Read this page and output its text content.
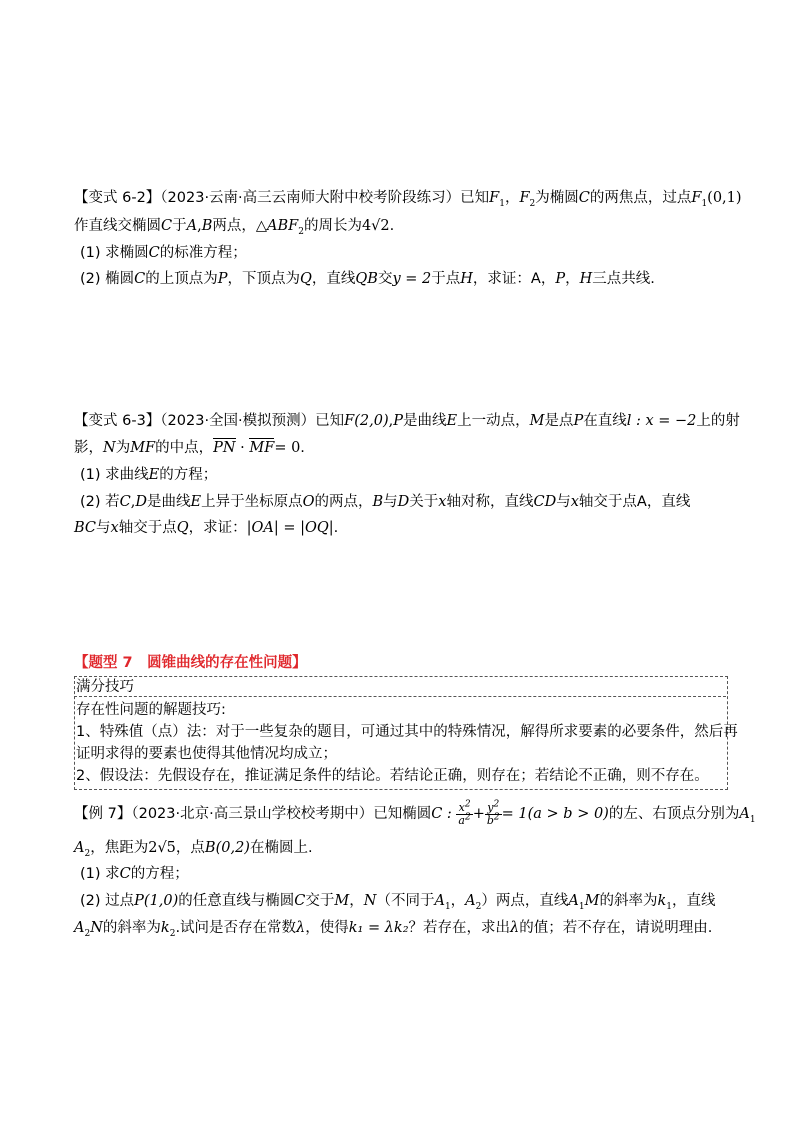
【变式 6-2】（2023·云南·高三云南师大附中校考阶段练习）已知$F_1$，$F_2$为椭圆C的两焦点，过点$F_1(0,1)$
作直线交椭圆C于A,B两点，$\triangle ABF_2$的周长为4√2.
(1) 求椭圆C的标准方程；
(2) 椭圆C的上顶点为P，下顶点为Q，直线QB交y = 2于点H，求证：A，P，H三点共线.
【变式 6-3】（2023·全国·模拟预测）已知F(2,0),P是曲线E上一动点，M是点P在直线l : x = −2上的射
影，N为MF的中点，PN · MF= 0.
(1) 求曲线E的方程；
(2) 若C,D是曲线E上异于坐标原点O的两点，B与D关于x轴对称，直线CD与x轴交于点A，直线
BC与x轴交于点Q，求证：|OA| = |OQ|.
【题型 7　圆锥曲线的存在性问题】
满分技巧
存在性问题的解题技巧:
1、特殊值（点）法：对于一些复杂的题目，可通过其中的特殊情况，解得所求要素的必要条件，然后再
证明求得的要素也使得其他情况均成立；
2、假设法：先假设存在，推证满足条件的结论。若结论正确，则存在；若结论不正确，则不存在。
【例 7】（2023·北京·高三景山学校校考期中）已知椭圆C : $\frac{x^2}{a^2} + \frac{y^2}{b^2} = 1(a > b > 0)$的左、右顶点分别为$A_1$
$A_2$，焦距为2√5，点B(0,2)在椭圆上.
(1) 求C的方程；
(2) 过点P(1,0)的任意直线与椭圆C交于M，N（不同于$A_1$，$A_2$）两点，直线$A_1M$的斜率为$k_1$，直线
$A_2N$的斜率为$k_2$.试问是否存在常数λ，使得k₁ = λk₂？若存在，求出λ的值；若不存在，请说明理由.
